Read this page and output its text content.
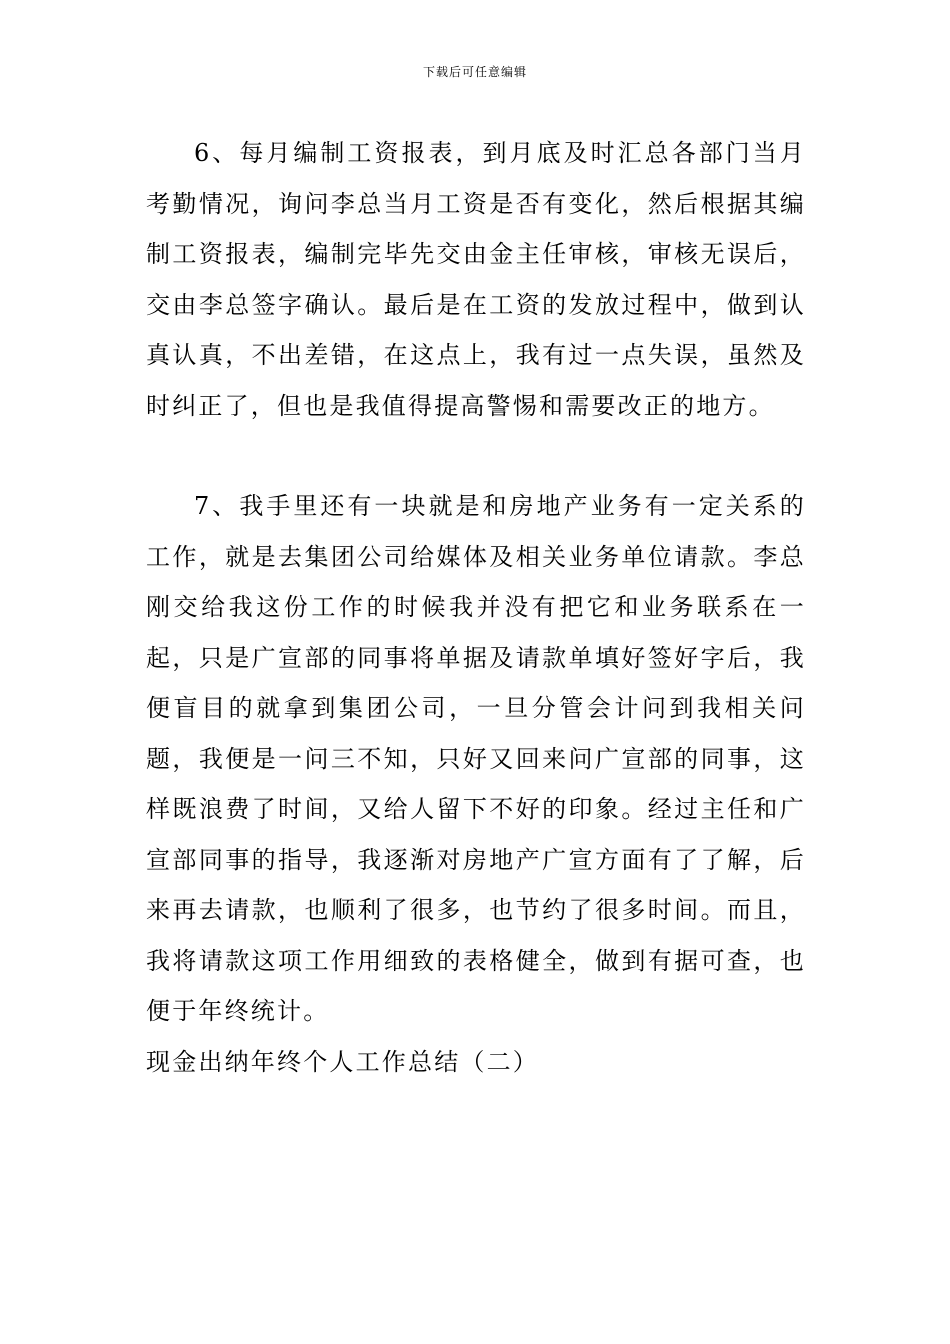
下载后可任意编辑

6、每月编制工资报表，到月底及时汇总各部门当月考勤情况，询问李总当月工资是否有变化，然后根据其编制工资报表，编制完毕先交由金主任审核，审核无误后，交由李总签字确认。最后是在工资的发放过程中，做到认真认真，不出差错，在这点上，我有过一点失误，虽然及时纠正了，但也是我值得提高警惕和需要改正的地方。

7、我手里还有一块就是和房地产业务有一定关系的工作，就是去集团公司给媒体及相关业务单位请款。李总刚交给我这份工作的时候我并没有把它和业务联系在一起，只是广宣部的同事将单据及请款单填好签好字后，我便盲目的就拿到集团公司，一旦分管会计问到我相关问题，我便是一问三不知，只好又回来问广宣部的同事，这样既浪费了时间，又给人留下不好的印象。经过主任和广宣部同事的指导，我逐渐对房地产广宣方面有了了解，后来再去请款，也顺利了很多，也节约了很多时间。而且，我将请款这项工作用细致的表格健全，做到有据可查，也便于年终统计。

现金出纳年终个人工作总结（二）
